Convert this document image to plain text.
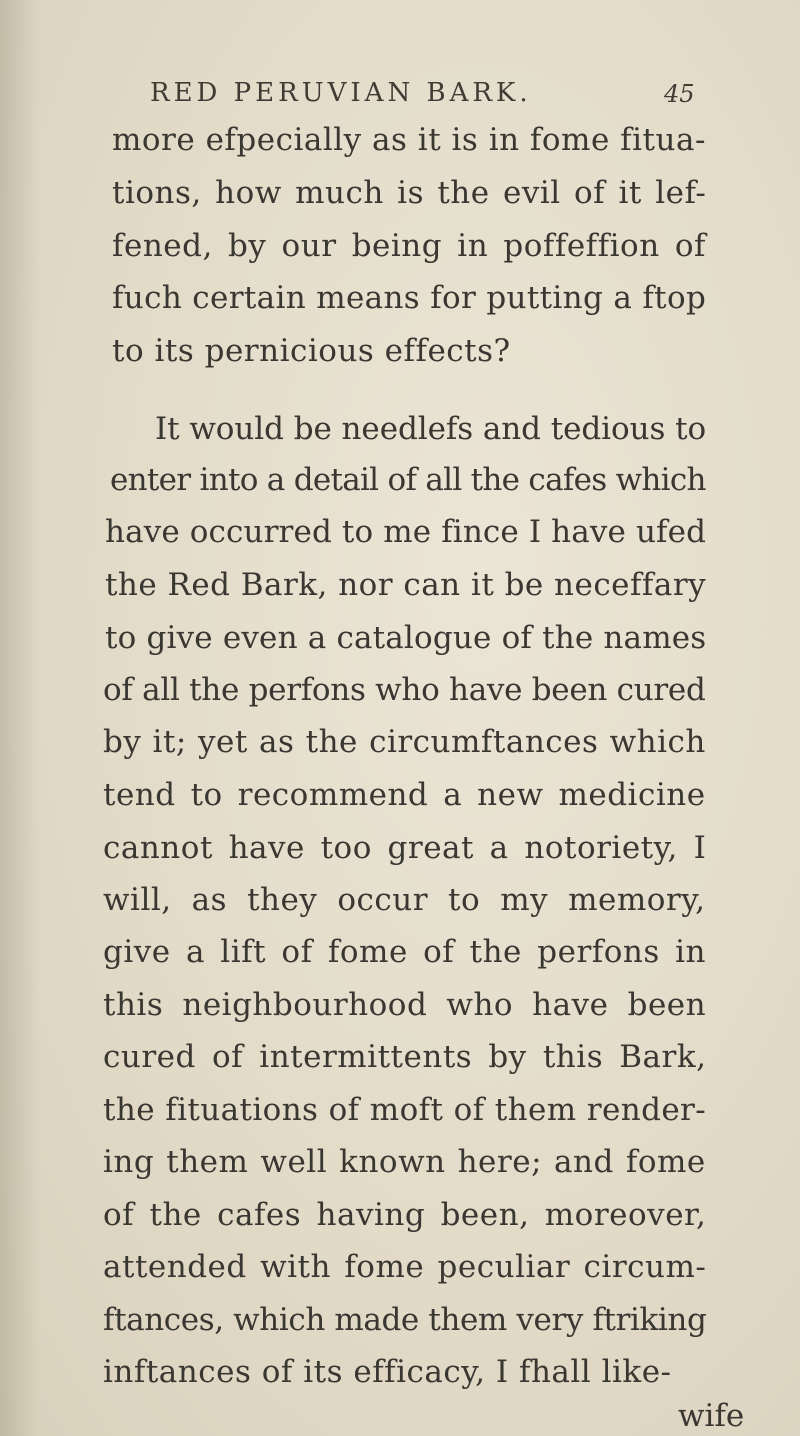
RED PERUVIAN BARK.	45
more efpecially as it is in fome fitua-
tions, how much is the evil of it lef-
fened, by our being in poffeffion of
fuch certain means for putting a ftop
to its pernicious effects?
It would be needlefs and tedious to
enter into a detail of all the cafes which
have occurred to me fince I have ufed
the Red Bark, nor can it be neceffary
to give even a catalogue of the names
of all the perfons who have been cured
by it; yet as the circumftances which
tend to recommend a new medicine
cannot have too great a notoriety, I
will, as they occur to my memory,
give a lift of fome of the perfons in
this neighbourhood who have been
cured of intermittents by this Bark,
the fituations of moft of them render-
ing them well known here; and fome
of the cafes having been, moreover,
attended with fome peculiar circum-
ftances, which made them very ftriking
inftances of its efficacy, I fhall like-
wife
